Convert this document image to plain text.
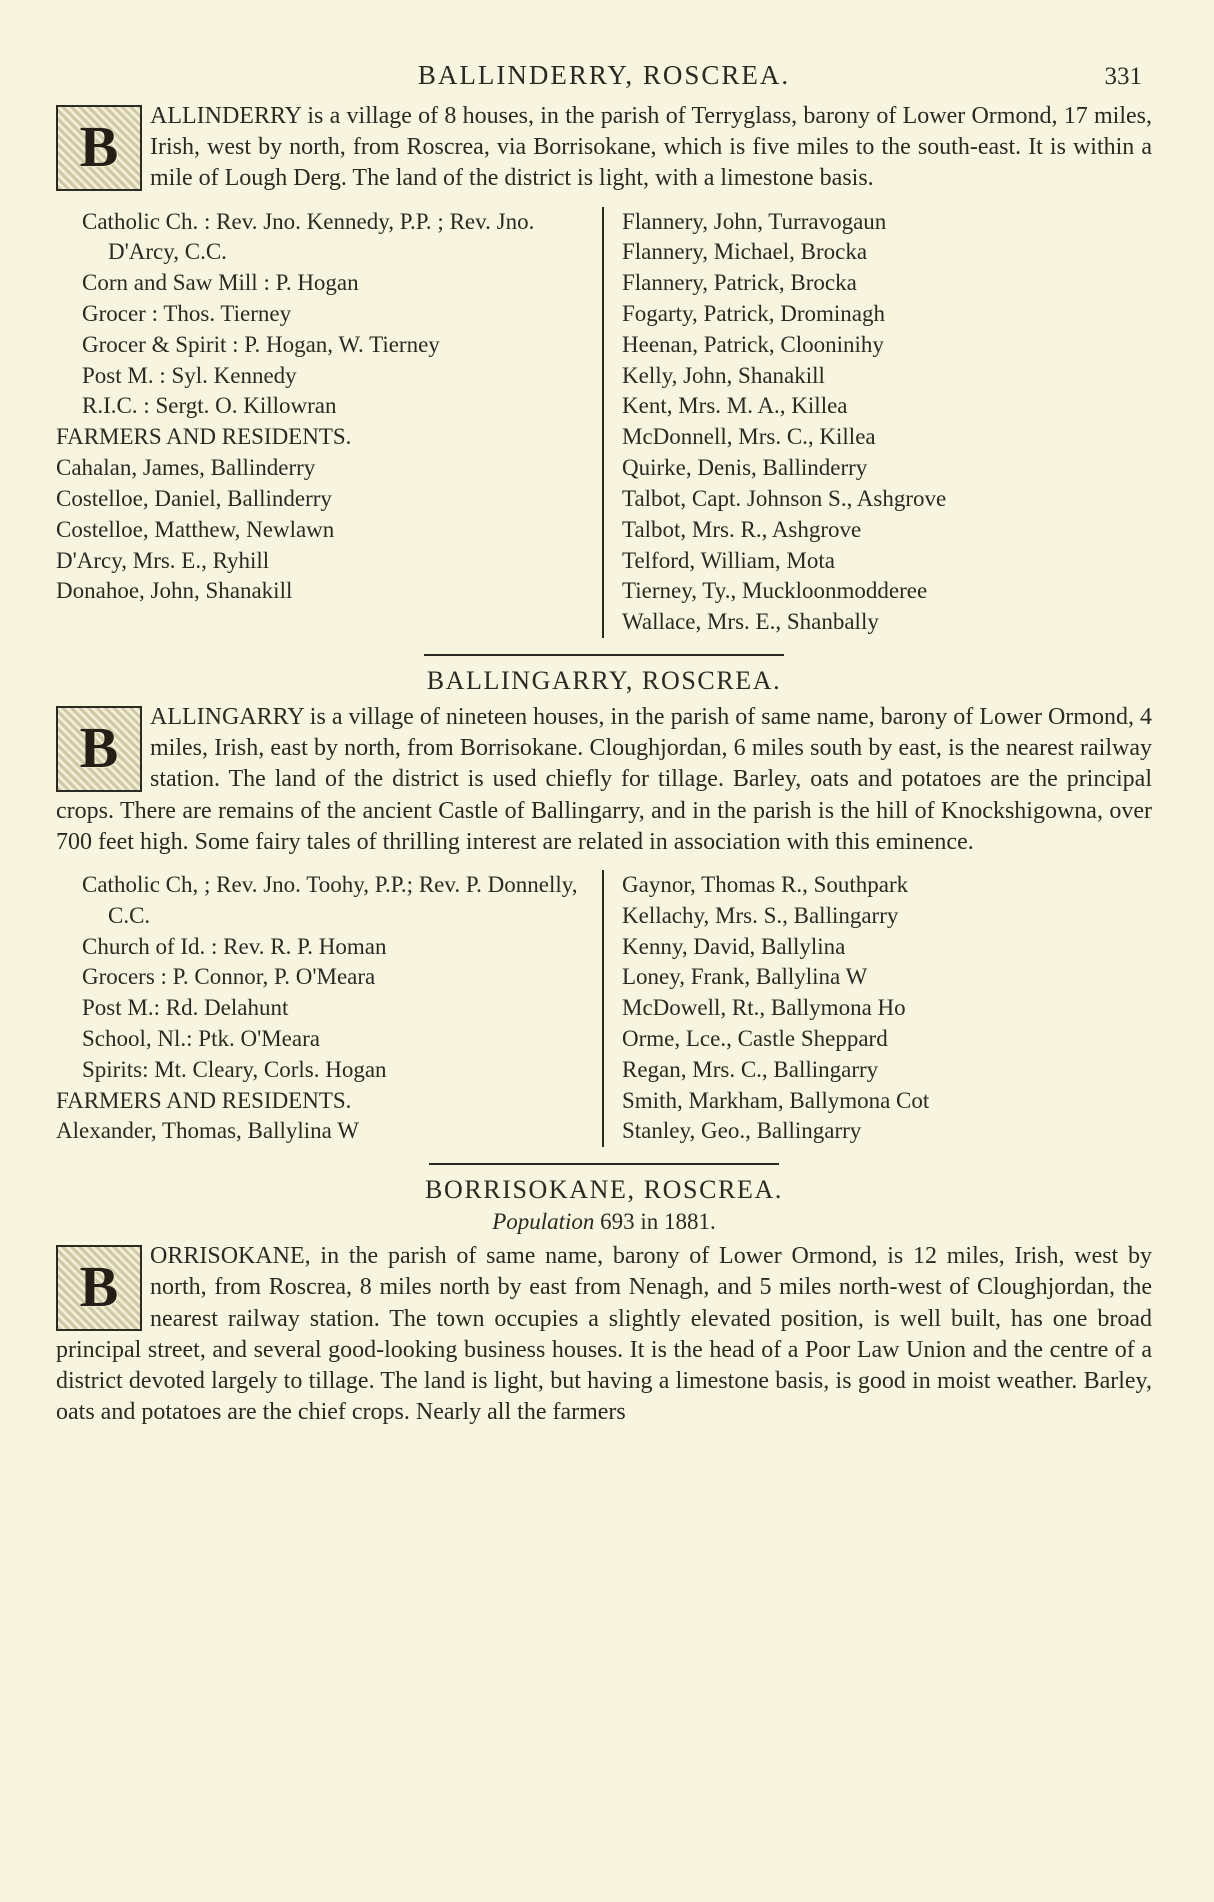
BALLINDERRY, ROSCREA.	331
B	ALLINDERRY is a village of 8 houses, in the parish of Terryglass, barony of Lower Ormond, 17 miles, Irish, west by north, from Roscrea, via Borrisokane, which is five miles to the south-east. It is within a mile of Lough Derg. The land of the district is light, with a limestone basis.

Catholic Ch. : Rev. Jno. Kennedy, P.P. ; Rev. Jno. D'Arcy, C.C.
Corn and Saw Mill : P. Hogan
Grocer : Thos. Tierney
Grocer & Spirit : P. Hogan, W. Tierney
Post M. : Syl. Kennedy
R.I.C. : Sergt. O. Killowran
FARMERS AND RESIDENTS.
Cahalan, James, Ballinderry
Costelloe, Daniel, Ballinderry
Costelloe, Matthew, Newlawn
D'Arcy, Mrs. E., Ryhill
Donahoe, John, Shanakill
Flannery, John, Turravogaun
Flannery, Michael, Brocka
Flannery, Patrick, Brocka
Fogarty, Patrick, Drominagh
Heenan, Patrick, Clooninihy
Kelly, John, Shanakill
Kent, Mrs. M. A., Killea
McDonnell, Mrs. C., Killea
Quirke, Denis, Ballinderry
Talbot, Capt. Johnson S., Ashgrove
Talbot, Mrs. R., Ashgrove
Telford, William, Mota
Tierney, Ty., Muckloonmodderee
Wallace, Mrs. E., Shanbally
BALLINGARRY, ROSCREA.
B	ALLINGARRY is a village of nineteen houses, in the parish of same name, barony of Lower Ormond, 4 miles, Irish, east by north, from Borrisokane. Cloughjordan, 6 miles south by east, is the nearest railway station. The land of the district is used chiefly for tillage. Barley, oats and potatoes are the principal crops. There are remains of the ancient Castle of Ballingarry, and in the parish is the hill of Knockshigowna, over 700 feet high. Some fairy tales of thrilling interest are related in association with this eminence.

Catholic Ch, ; Rev. Jno. Toohy, P.P.; Rev. P. Donnelly, C.C.
Church of Id. : Rev. R. P. Homan
Grocers : P. Connor, P. O'Meara
Post M.: Rd. Delahunt
School, Nl.: Ptk. O'Meara
Spirits: Mt. Cleary, Corls. Hogan
FARMERS AND RESIDENTS.
Alexander, Thomas, Ballylina W
Gaynor, Thomas R., Southpark
Kellachy, Mrs. S., Ballingarry
Kenny, David, Ballylina
Loney, Frank, Ballylina W
McDowell, Rt., Ballymona Ho
Orme, Lce., Castle Sheppard
Regan, Mrs. C., Ballingarry
Smith, Markham, Ballymona Cot
Stanley, Geo., Ballingarry
BORRISOKANE, ROSCREA.
Population 693 in 1881.
B	ORRISOKANE, in the parish of same name, barony of Lower Ormond, is 12 miles, Irish, west by north, from Roscrea, 8 miles north by east from Nenagh, and 5 miles north-west of Cloughjordan, the nearest railway station. The town occupies a slightly elevated position, is well built, has one broad principal street, and several good-looking business houses. It is the head of a Poor Law Union and the centre of a district devoted largely to tillage. The land is light, but having a limestone basis, is good in moist weather. Barley, oats and potatoes are the chief crops. Nearly all the farmers
